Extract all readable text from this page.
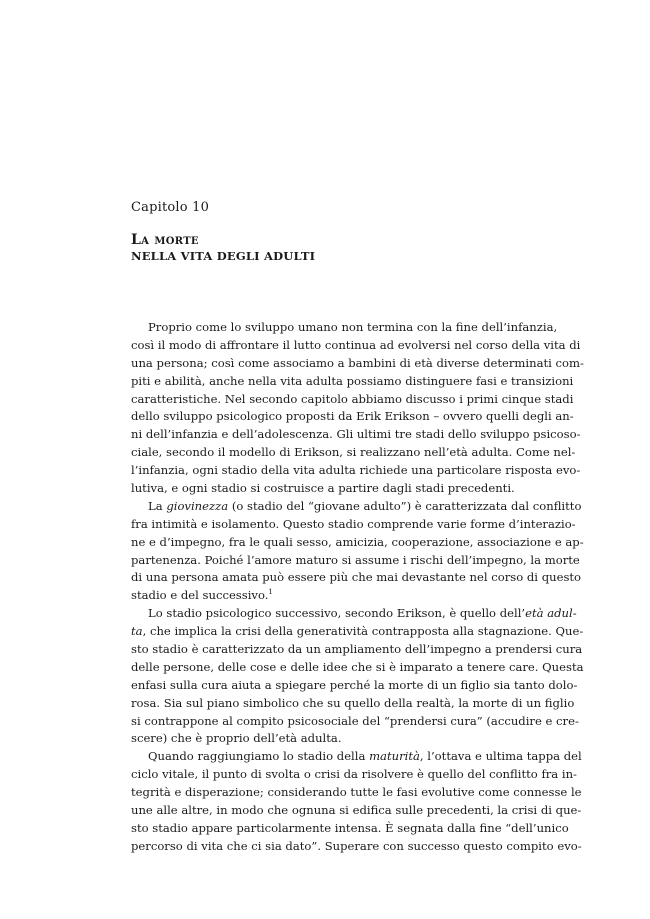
Capitolo 10
La morte
NELLA VITA DEGLI ADULTI
Proprio come lo sviluppo umano non termina con la fine dell’infanzia,
così il modo di affrontare il lutto continua ad evolversi nel corso della vita di
una persona; così come associamo a bambini di età diverse determinati com-
piti e abilità, anche nella vita adulta possiamo distinguere fasi e transizioni
caratteristiche. Nel secondo capitolo abbiamo discusso i primi cinque stadi
dello sviluppo psicologico proposti da Erik Erikson – ovvero quelli degli an-
ni dell’infanzia e dell’adolescenza. Gli ultimi tre stadi dello sviluppo psicoso-
ciale, secondo il modello di Erikson, si realizzano nell’età adulta. Come nel-
l’infanzia, ogni stadio della vita adulta richiede una particolare risposta evo-
lutiva, e ogni stadio si costruisce a partire dagli stadi precedenti.
La giovinezza (o stadio del “giovane adulto”) è caratterizzata dal conflitto
fra intimità e isolamento. Questo stadio comprende varie forme d’interazio-
ne e d’impegno, fra le quali sesso, amicizia, cooperazione, associazione e ap-
partenenza. Poiché l’amore maturo si assume i rischi dell’impegno, la morte
di una persona amata può essere più che mai devastante nel corso di questo
stadio e del successivo.$^1$
Lo stadio psicologico successivo, secondo Erikson, è quello dell’età adul-
ta, che implica la crisi della generatività contrapposta alla stagnazione. Que-
sto stadio è caratterizzato da un ampliamento dell’impegno a prendersi cura
delle persone, delle cose e delle idee che si è imparato a tenere care. Questa
enfasi sulla cura aiuta a spiegare perché la morte di un figlio sia tanto dolo-
rosa. Sia sul piano simbolico che su quello della realtà, la morte di un figlio
si contrappone al compito psicosociale del “prendersi cura” (accudire e cre-
scere) che è proprio dell’età adulta.
Quando raggiungiamo lo stadio della maturità, l’ottava e ultima tappa del
ciclo vitale, il punto di svolta o crisi da risolvere è quello del conflitto fra in-
tegrità e disperazione; considerando tutte le fasi evolutive come connesse le
une alle altre, in modo che ognuna si edifica sulle precedenti, la crisi di que-
sto stadio appare particolarmente intensa. È segnata dalla fine “dell’unico
percorso di vita che ci sia dato”. Superare con successo questo compito evo-
